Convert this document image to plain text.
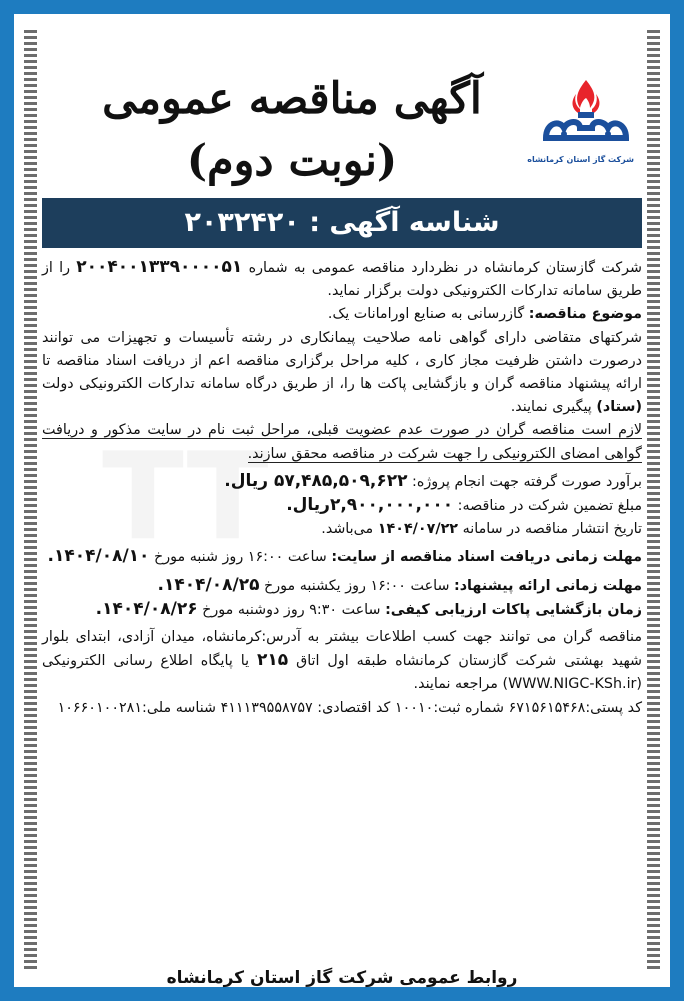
شرکت گاز استان کرمانشاه
آگهی مناقصه عمومی
(نوبت دوم)
شناسه آگهی : ۲۰۳۲۴۲۰

شرکت گازستان کرمانشاه در نظردارد مناقصه عمومی به شماره ۲۰۰۴۰۰۱۳۳۹۰۰۰۰۵۱ را از طریق سامانه تدارکات الکترونیکی دولت برگزار نماید.

موضوع مناقصه: گازرسانی به صنایع اورامانات یک.

شرکتهای متقاضی دارای گواهی نامه صلاحیت پیمانکاری در رشته تأسیسات و تجهیزات می توانند درصورت داشتن ظرفیت مجاز کاری ، کلیه مراحل برگزاری مناقصه اعم از دریافت اسناد مناقصه تا ارائه پیشنهاد مناقصه گران و بازگشایی پاکت ها را، از طریق درگاه سامانه تدارکات الکترونیکی دولت (ستاد) پیگیری نمایند.

لازم است مناقصه گران در صورت عدم عضویت قبلی، مراحل ثبت نام در سایت مذکور و دریافت گواهی امضای الکترونیکی را جهت شرکت در مناقصه محقق سازند.

برآورد صورت گرفته جهت انجام پروژه: ۵۷,۴۸۵,۵۰۹,۶۲۲ ریال.

مبلغ تضمین شرکت در مناقصه: ۲,۹۰۰,۰۰۰,۰۰۰ریال.

تاریخ انتشار مناقصه در سامانه ۱۴۰۴/۰۷/۲۲ می‌باشد.

مهلت زمانی دریافت اسناد مناقصه از سایت: ساعت ۱۶:۰۰ روز شنبه مورخ ۱۴۰۴/۰۸/۱۰.

مهلت زمانی ارائه پیشنهاد: ساعت ۱۶:۰۰ روز یکشنبه مورخ ۱۴۰۴/۰۸/۲۵.

زمان بازگشایی پاکات ارزیابی کیفی: ساعت ۹:۳۰ روز دوشنبه مورخ ۱۴۰۴/۰۸/۲۶.

مناقصه گران می توانند جهت کسب اطلاعات بیشتر به آدرس:کرمانشاه، میدان آزادی، ابتدای بلوار شهید بهشتی شرکت گازستان کرمانشاه طبقه اول اتاق ۲۱۵ یا پایگاه اطلاع رسانی الکترونیکی (WWW.NIGC-KSh.ir) مراجعه نمایند.

کد پستی:۶۷۱۵۶۱۵۴۶۸ شماره ثبت:۱۰۰۱۰ کد اقتصادی: ۴۱۱۱۳۹۵۵۸۷۵۷ شناسه ملی:۱۰۶۶۰۱۰۰۲۸۱

روابط عمومی شرکت گاز استان کرمانشاه
